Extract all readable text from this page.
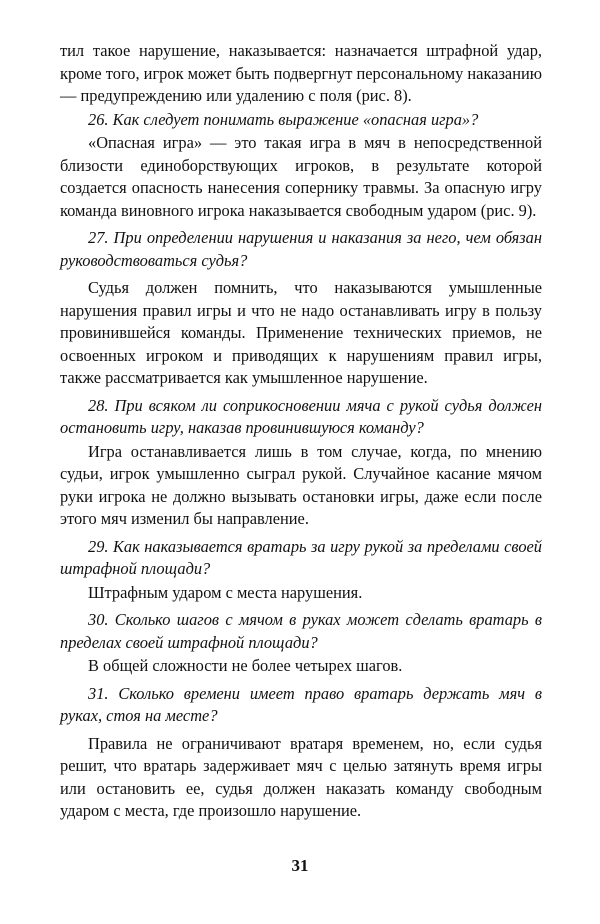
тил такое нарушение, наказывается: назначается штрафной удар, кроме того, игрок может быть подвергнут персональному наказанию — предупреждению или удалению с поля (рис. 8).

26. Как следует понимать выражение «опасная игра»?

«Опасная игра» — это такая игра в мяч в непосредственной близости единоборствующих игроков, в результате которой создается опасность нанесения сопернику травмы. За опасную игру команда виновного игрока наказывается свободным ударом (рис. 9).

27. При определении нарушения и наказания за него, чем обязан руководствоваться судья?

Судья должен помнить, что наказываются умышленные нарушения правил игры и что не надо останавливать игру в пользу провинившейся команды. Применение технических приемов, не освоенных игроком и приводящих к нарушениям правил игры, также рассматривается как умышленное нарушение.

28. При всяком ли соприкосновении мяча с рукой судья должен остановить игру, наказав провинившуюся команду?

Игра останавливается лишь в том случае, когда, по мнению судьи, игрок умышленно сыграл рукой. Случайное касание мячом руки игрока не должно вызывать остановки игры, даже если после этого мяч изменил бы направление.

29. Как наказывается вратарь за игру рукой за пределами своей штрафной площади?

Штрафным ударом с места нарушения.

30. Сколько шагов с мячом в руках может сделать вратарь в пределах своей штрафной площади?

В общей сложности не более четырех шагов.

31. Сколько времени имеет право вратарь держать мяч в руках, стоя на месте?

Правила не ограничивают вратаря временем, но, если судья решит, что вратарь задерживает мяч с целью затянуть время игры или остановить ее, судья должен наказать команду свободным ударом с места, где произошло нарушение.

31
